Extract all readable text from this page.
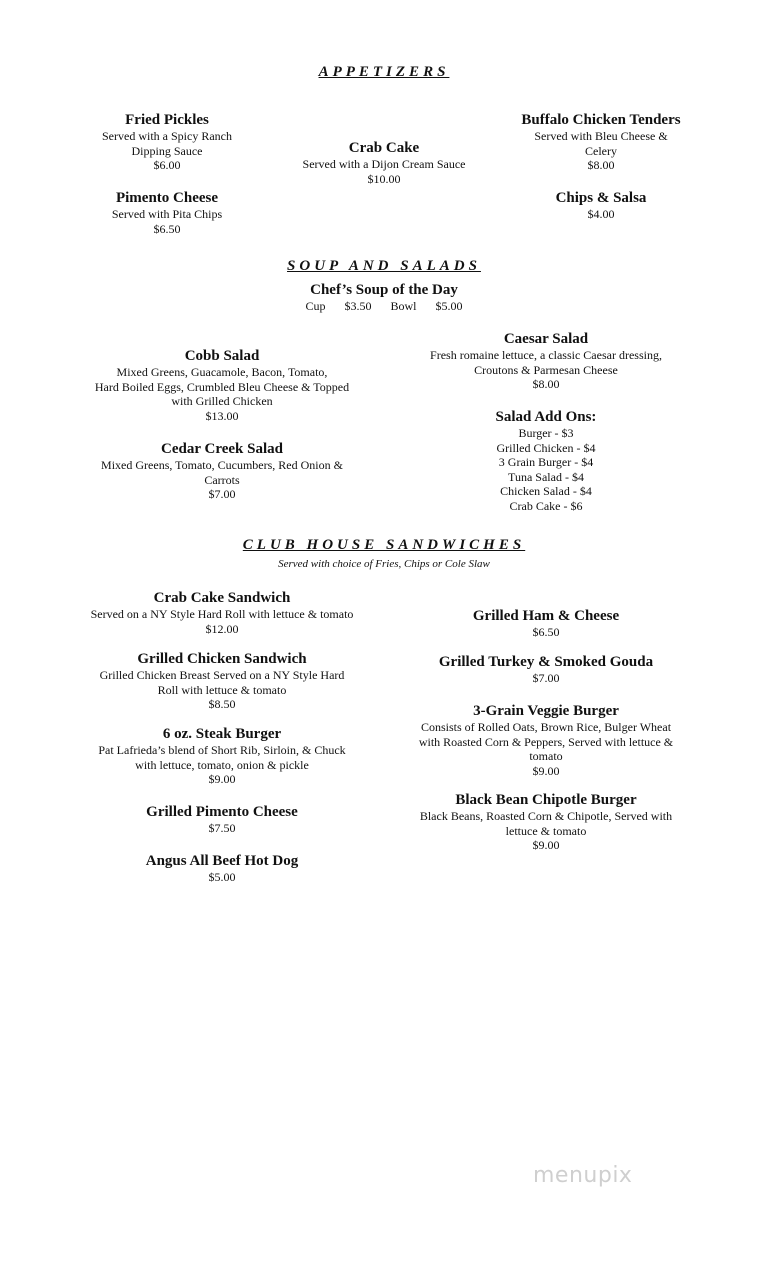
APPETIZERS
Fried Pickles
Served with a Spicy Ranch
Dipping Sauce
$6.00
Crab Cake
Served with a Dijon Cream Sauce
$10.00
Buffalo Chicken Tenders
Served with Bleu Cheese &
Celery
$8.00
Pimento Cheese
Served with Pita Chips
$6.50
Chips & Salsa
$4.00
SOUP AND SALADS
Chef’s Soup of the Day
Cup $3.50 Bowl $5.00
Cobb Salad
Mixed Greens, Guacamole, Bacon, Tomato,
Hard Boiled Eggs, Crumbled Bleu Cheese & Topped
with Grilled Chicken
$13.00
Cedar Creek Salad
Mixed Greens, Tomato, Cucumbers, Red Onion &
Carrots
$7.00
Caesar Salad
Fresh romaine lettuce, a classic Caesar dressing,
Croutons & Parmesan Cheese
$8.00
Salad Add Ons:
Burger - $3
Grilled Chicken - $4
3 Grain Burger - $4
Tuna Salad - $4
Chicken Salad - $4
Crab Cake - $6
CLUB HOUSE SANDWICHES
Served with choice of Fries, Chips or Cole Slaw
Crab Cake Sandwich
Served on a NY Style Hard Roll with lettuce & tomato
$12.00
Grilled Chicken Sandwich
Grilled Chicken Breast Served on a NY Style Hard
Roll with lettuce & tomato
$8.50
6 oz. Steak Burger
Pat Lafrieda’s blend of Short Rib, Sirloin, & Chuck
with lettuce, tomato, onion & pickle
$9.00
Grilled Pimento Cheese
$7.50
Angus All Beef Hot Dog
$5.00
Grilled Ham & Cheese
$6.50
Grilled Turkey & Smoked Gouda
$7.00
3-Grain Veggie Burger
Consists of Rolled Oats, Brown Rice, Bulger Wheat
with Roasted Corn & Peppers, Served with lettuce &
tomato
$9.00
Black Bean Chipotle Burger
Black Beans, Roasted Corn & Chipotle, Served with
lettuce & tomato
$9.00
menupix
